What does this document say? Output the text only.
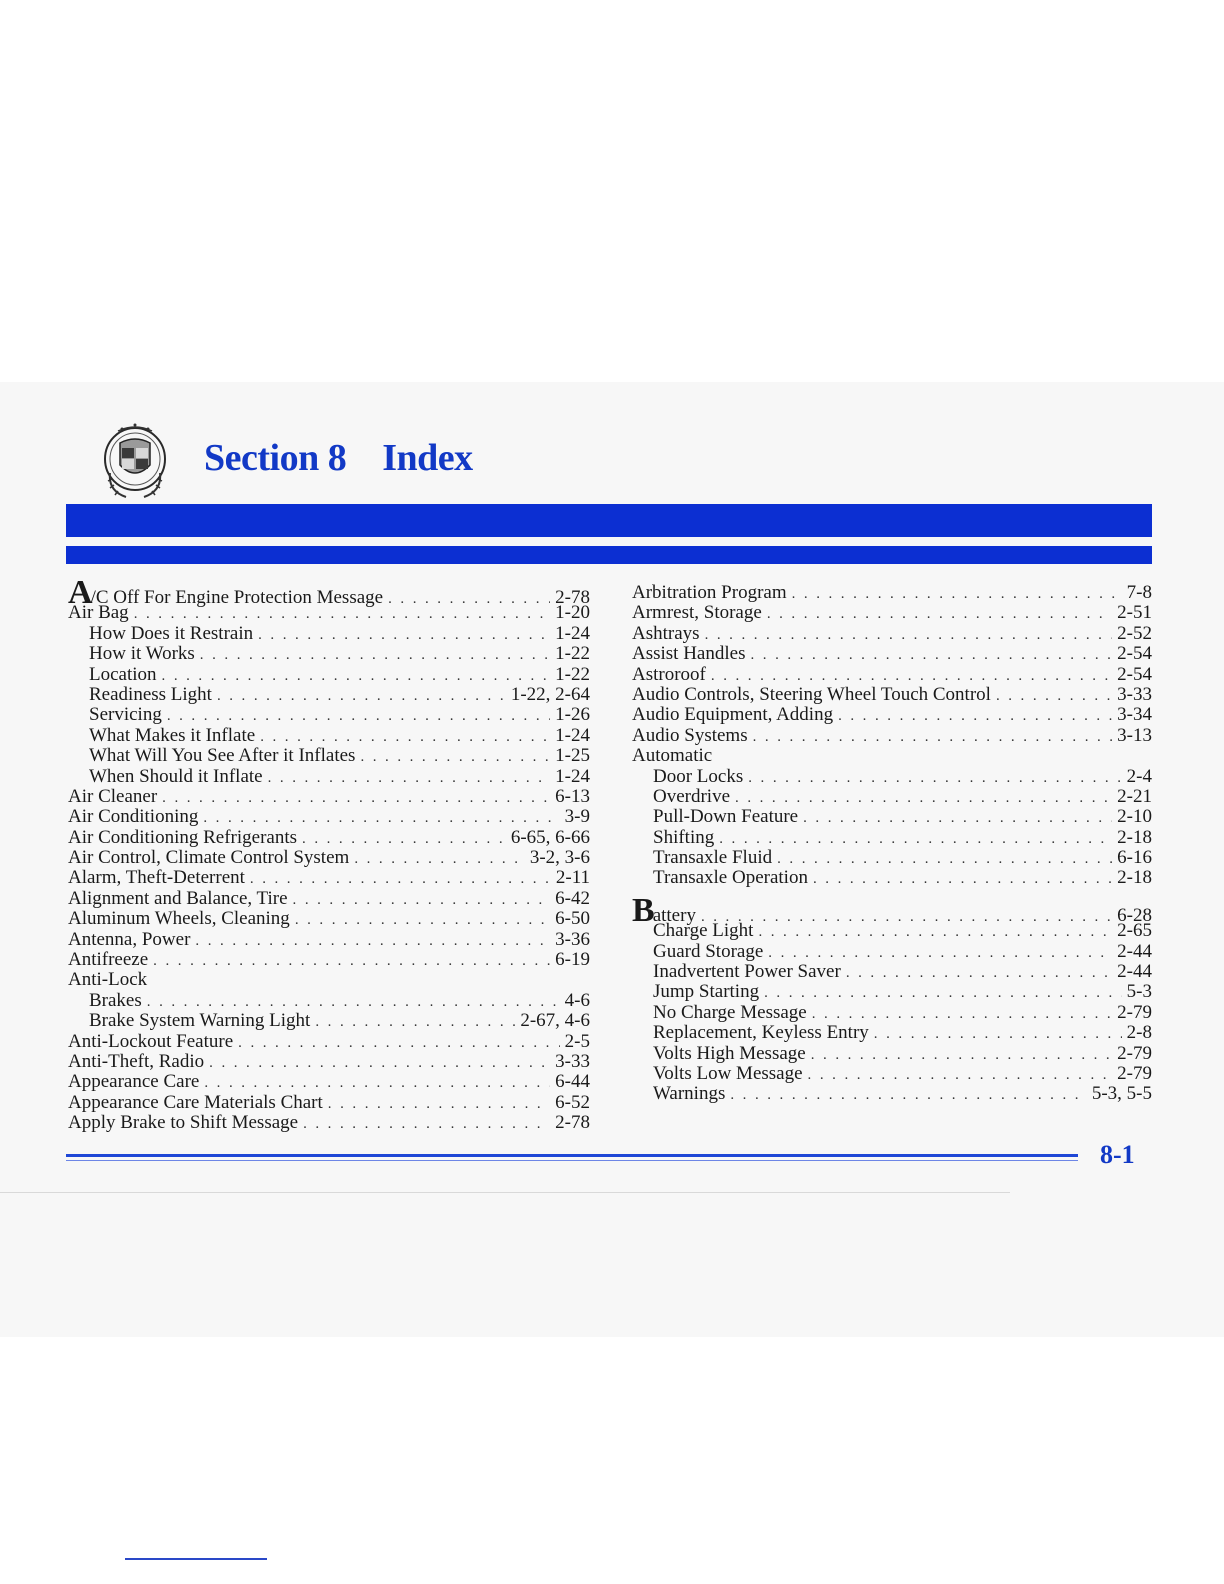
Section 8 Index
A/C Off For Engine Protection Message . . .	2-78
Air Bag . . .	1-20
How Does it Restrain . . .	1-24
How it Works . . .	1-22
Location . . .	1-22
Readiness Light . . .	1-22, 2-64
Servicing . . .	1-26
What Makes it Inflate . . .	1-24
What Will You See After it Inflates . . .	1-25
When Should it Inflate . . .	1-24
Air Cleaner . . .	6-13
Air Conditioning . . .	3-9
Air Conditioning Refrigerants . . .	6-65, 6-66
Air Control, Climate Control System . . .	3-2, 3-6
Alarm, Theft-Deterrent . . .	2-11
Alignment and Balance, Tire . . .	6-42
Aluminum Wheels, Cleaning . . .	6-50
Antenna, Power . . .	3-36
Antifreeze . . .	6-19
Anti-Lock
Brakes . . .	4-6
Brake System Warning Light . . .	2-67, 4-6
Anti-Lockout Feature . . .	2-5
Anti-Theft, Radio . . .	3-33
Appearance Care . . .	6-44
Appearance Care Materials Chart . . .	6-52
Apply Brake to Shift Message . . .	2-78
Arbitration Program . . .	7-8
Armrest, Storage . . .	2-51
Ashtrays . . .	2-52
Assist Handles . . .	2-54
Astroroof . . .	2-54
Audio Controls, Steering Wheel Touch Control . . .	3-33
Audio Equipment, Adding . . .	3-34
Audio Systems . . .	3-13
Automatic
Door Locks . . .	2-4
Overdrive . . .	2-21
Pull-Down Feature . . .	2-10
Shifting . . .	2-18
Transaxle Fluid . . .	6-16
Transaxle Operation . . .	2-18
Battery . . .	6-28
Charge Light . . .	2-65
Guard Storage . . .	2-44
Inadvertent Power Saver . . .	2-44
Jump Starting . . .	5-3
No Charge Message . . .	2-79
Replacement, Keyless Entry . . .	2-8
Volts High Message . . .	2-79
Volts Low Message . . .	2-79
Warnings . . .	5-3, 5-5

8-1
